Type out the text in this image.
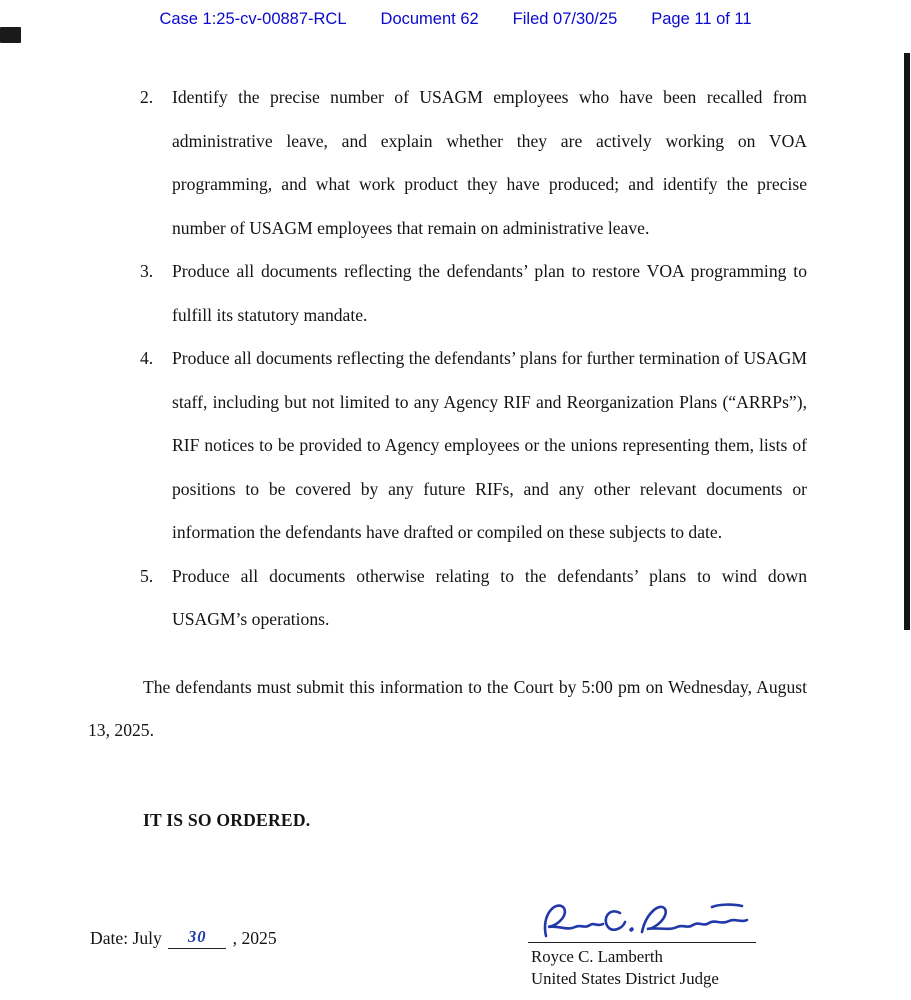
Case 1:25-cv-00887-RCL Document 62 Filed 07/30/25 Page 11 of 11
2. Identify the precise number of USAGM employees who have been recalled from administrative leave, and explain whether they are actively working on VOA programming, and what work product they have produced; and identify the precise number of USAGM employees that remain on administrative leave.
3. Produce all documents reflecting the defendants’ plan to restore VOA programming to fulfill its statutory mandate.
4. Produce all documents reflecting the defendants’ plans for further termination of USAGM staff, including but not limited to any Agency RIF and Reorganization Plans (“ARRPs”), RIF notices to be provided to Agency employees or the unions representing them, lists of positions to be covered by any future RIFs, and any other relevant documents or information the defendants have drafted or compiled on these subjects to date.
5. Produce all documents otherwise relating to the defendants’ plans to wind down USAGM’s operations.
The defendants must submit this information to the Court by 5:00 pm on Wednesday, August 13, 2025.
IT IS SO ORDERED.
Date: July 30 , 2025
Royce C. Lamberth
United States District Judge
